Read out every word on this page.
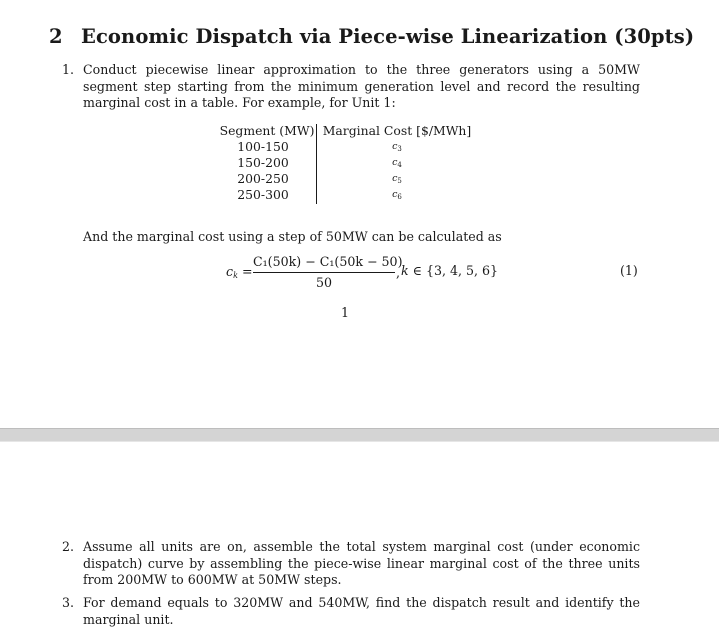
2 Economic Dispatch via Piece-wise Linearization (30pts)
1. Conduct piecewise linear approximation to the three generators using a 50MW segment step starting from the minimum generation level and record the resulting marginal cost in a table. For example, for Unit 1:
Segment (MW)
100-150
150-200
200-250
250-300
Marginal Cost [$/MWh]
$c_3$
$c_4$
$c_5$
$c_6$
And the marginal cost using a step of 50MW can be calculated as
$c_k$ =
C₁(50k) − C₁(50k − 50)
50
, k ∈ {3, 4, 5, 6}	(1)
1
2. Assume all units are on, assemble the total system marginal cost (under economic dispatch) curve by assembling the piece-wise linear marginal cost of the three units from 200MW to 600MW at 50MW steps.
3. For demand equals to 320MW and 540MW, find the dispatch result and identify the marginal unit.
